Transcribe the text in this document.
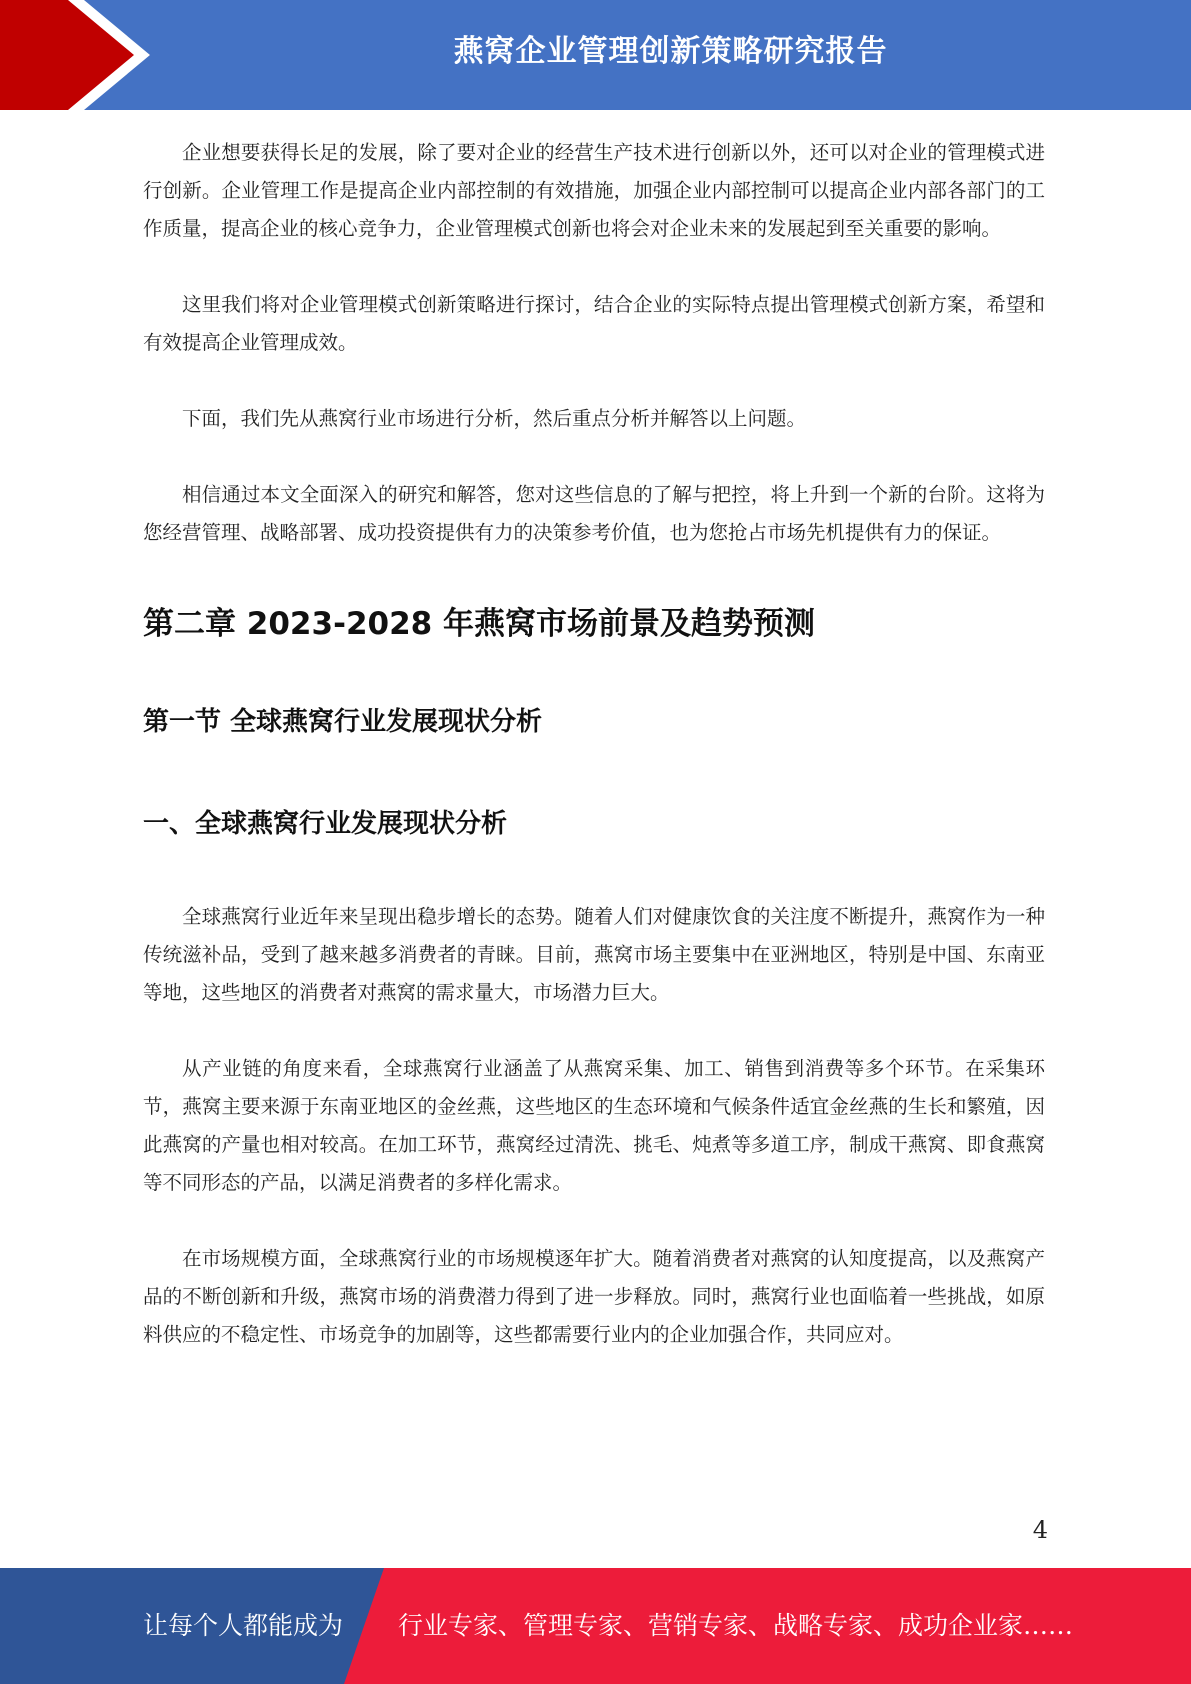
燕窝企业管理创新策略研究报告

企业想要获得长足的发展，除了要对企业的经营生产技术进行创新以外，还可以对企业的管理模式进行创新。企业管理工作是提高企业内部控制的有效措施，加强企业内部控制可以提高企业内部各部门的工作质量，提高企业的核心竞争力，企业管理模式创新也将会对企业未来的发展起到至关重要的影响。

这里我们将对企业管理模式创新策略进行探讨，结合企业的实际特点提出管理模式创新方案，希望和有效提高企业管理成效。

下面，我们先从燕窝行业市场进行分析，然后重点分析并解答以上问题。

相信通过本文全面深入的研究和解答，您对这些信息的了解与把控，将上升到一个新的台阶。这将为您经营管理、战略部署、成功投资提供有力的决策参考价值，也为您抢占市场先机提供有力的保证。

第二章 2023-2028 年燕窝市场前景及趋势预测
第一节 全球燕窝行业发展现状分析
一、全球燕窝行业发展现状分析

全球燕窝行业近年来呈现出稳步增长的态势。随着人们对健康饮食的关注度不断提升，燕窝作为一种传统滋补品，受到了越来越多消费者的青睐。目前，燕窝市场主要集中在亚洲地区，特别是中国、东南亚等地，这些地区的消费者对燕窝的需求量大，市场潜力巨大。

从产业链的角度来看，全球燕窝行业涵盖了从燕窝采集、加工、销售到消费等多个环节。在采集环节，燕窝主要来源于东南亚地区的金丝燕，这些地区的生态环境和气候条件适宜金丝燕的生长和繁殖，因此燕窝的产量也相对较高。在加工环节，燕窝经过清洗、挑毛、炖煮等多道工序，制成干燕窝、即食燕窝等不同形态的产品，以满足消费者的多样化需求。

在市场规模方面，全球燕窝行业的市场规模逐年扩大。随着消费者对燕窝的认知度提高，以及燕窝产品的不断创新和升级，燕窝市场的消费潜力得到了进一步释放。同时，燕窝行业也面临着一些挑战，如原料供应的不稳定性、市场竞争的加剧等，这些都需要行业内的企业加强合作，共同应对。

4
让每个人都能成为 行业专家、管理专家、营销专家、战略专家、成功企业家……
